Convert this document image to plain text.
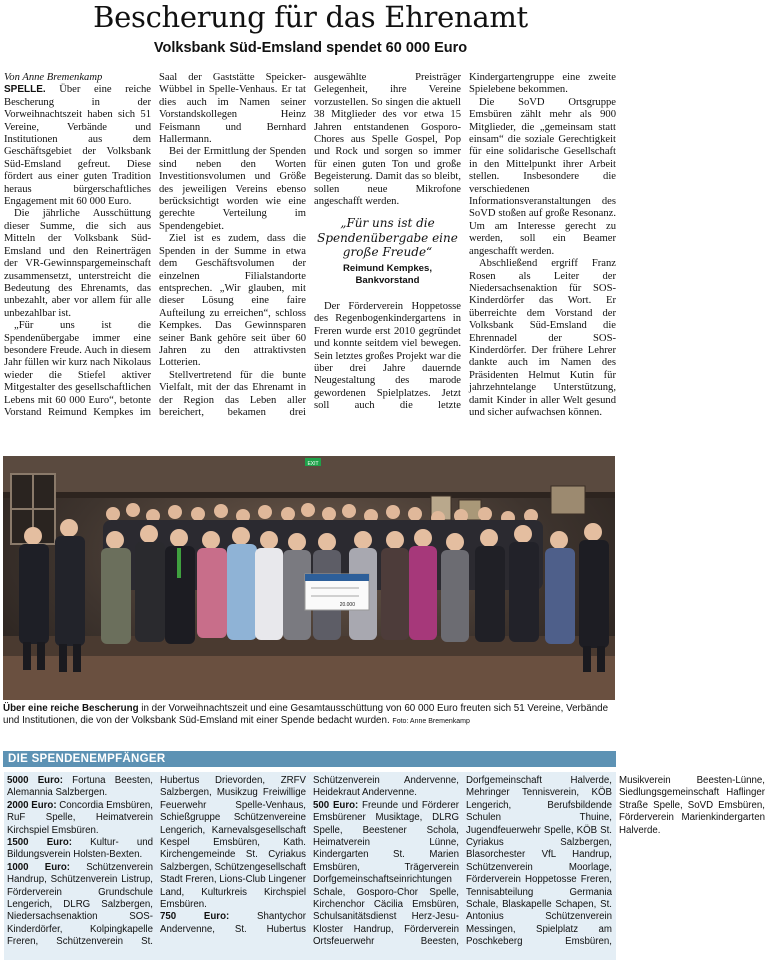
Bescherung für das Ehrenamt
Volksbank Süd-Emsland spendet 60 000 Euro

Von Anne Bremenkamp

SPELLE. Über eine reiche Bescherung in der Vorweihnachtszeit haben sich 51 Vereine, Verbände und Institutionen aus dem Geschäftsgebiet der Volksbank Süd-Emsland gefreut. Diese fördert aus einer guten Tradition heraus bürgerschaftliches Engagement mit 60 000 Euro.

Die jährliche Ausschüttung dieser Summe, die sich aus Mitteln der Volksbank Süd-Emsland und den Reinerträgen der VR-Gewinnspargemeinschaft zusammensetzt, unterstreicht die Bedeutung des Ehrenamts, das unbezahlt, aber vor allem für alle unbezahlbar ist.

„Für uns ist die Spendenübergabe immer eine besondere Freude. Auch in diesem Jahr füllen wir kurz nach Nikolaus wieder die Stiefel aktiver Mitgestalter des gesellschaftlichen Lebens mit 60 000 Euro“, betonte Vorstand Reimund Kempkes im Saal der Gaststätte Speicker-Wübbel in Spelle-Venhaus. Er tat dies auch im Namen seiner Vorstandskollegen Heinz Feismann und Bernhard Hallermann.

Bei der Ermittlung der Spenden sind neben den Worten Investitionsvolumen und Größe des jeweiligen Vereins ebenso berücksichtigt worden wie eine gerechte Verteilung im Spendengebiet.

Ziel ist es zudem, dass die Spenden in der Summe in etwa dem Geschäftsvolumen der einzelnen Filialstandorte entsprechen. „Wir glauben, mit dieser Lösung eine faire Aufteilung zu erreichen“, schloss Kempkes. Das Gewinnsparen seiner Bank gehöre seit über 60 Jahren zu den attraktivsten Lotterien.

Stellvertretend für die bunte Vielfalt, mit der das Ehrenamt in der Region das Leben aller bereichert, bekamen drei ausgewählte Preisträger Gelegenheit, ihre Vereine vorzustellen. So singen die aktuell 38 Mitglieder des vor etwa 15 Jahren entstandenen Gosporo-Chores aus Spelle Gospel, Pop und Rock und sorgen so immer für einen guten Ton und große Begeisterung. Damit das so bleibt, sollen neue Mikrofone angeschafft werden.

„Für uns ist die Spendenübergabe eine große Freude“
Reimund Kempkes,
Bankvorstand

Der Förderverein Hoppetosse des Regenbogenkindergartens in Freren wurde erst 2010 gegründet und konnte seitdem viel bewegen. Sein letztes großes Projekt war die über drei Jahre dauernde Neugestaltung des marode gewordenen Spielplatzes. Jetzt soll auch die letzte Kindergartengruppe eine zweite Spielebene bekommen.

Die SoVD Ortsgruppe Emsbüren zählt mehr als 900 Mitglieder, die „gemeinsam statt einsam“ die soziale Gerechtigkeit für eine solidarische Gesellschaft in den Mittelpunkt ihrer Arbeit stellen. Insbesondere die verschiedenen Informationsveranstaltungen des SoVD stoßen auf große Resonanz. Um am Interesse gerecht zu werden, soll ein Beamer angeschafft werden.

Abschließend ergriff Franz Rosen als Leiter der Niedersachsenaktion für SOS-Kinderdörfer das Wort. Er überreichte dem Vorstand der Volksbank Süd-Emsland die Ehrennadel der SOS-Kinderdörfer. Der frühere Lehrer dankte auch im Namen des Präsidenten Helmut Kutin für jahrzehntelange Unterstützung, damit Kinder in aller Welt gesund und sicher aufwachsen können.

EXIT
20.000
Über eine reiche Bescherung in der Vorweihnachtszeit und eine Gesamtausschüttung von 60 000 Euro freuten sich 51 Vereine, Verbände und Institutionen, die von der Volksbank Süd-Emsland mit einer Spende bedacht wurden. Foto: Anne Bremenkamp
DIE SPENDENEMPFÄNGER

5000 Euro: Fortuna Beesten, Alemannia Salzbergen.

2000 Euro: Concordia Emsbüren, RuF Spelle, Heimatverein Kirchspiel Emsbüren.

1500 Euro: Kultur- und Bildungsverein Holsten-Bexten.

1000 Euro: Schützenverein Handrup, Schützenverein Listrup, Förderverein Grundschule Lengerich, DLRG Salzbergen, Niedersachsenaktion SOS-Kinderdörfer, Kolpingkapelle Freren, Schützenverein St. Hubertus Drievorden, ZRFV Salzbergen, Musikzug Freiwillige Feuerwehr Spelle-Venhaus, Schießgruppe Schützenvereine Lengerich, Karnevalsgesellschaft Kespel Emsbüren, Kath. Kirchengemeinde St. Cyriakus Salzbergen, Schützengesellschaft Stadt Freren, Lions-Club Lingener Land, Kulturkreis Kirchspiel Emsbüren.

750 Euro: Shantychor Andervenne, St. Hubertus Schützenverein Andervenne, Heidekraut Andervenne.

500 Euro: Freunde und Förderer Emsbürener Musiktage, DLRG Spelle, Beestener Schola, Heimatverein Lünne, Kindergarten St. Marien Emsbüren, Trägerverein Dorfgemeinschaftseinrichtungen Schale, Gosporo-Chor Spelle, Kirchenchor Cäcilia Emsbüren, Schulsanitätsdienst Herz-Jesu-Kloster Handrup, Förderverein Ortsfeuerwehr Beesten, Dorfgemeinschaft Halverde, Mehringer Tennisverein, KÖB Lengerich, Berufsbildende Schulen Thuine, Jugendfeuerwehr Spelle, KÖB St. Cyriakus Salzbergen, Blasorchester VfL Handrup, Schützenverein Moorlage, Förderverein Hoppetosse Freren, Tennisabteilung Germania Schale, Blaskapelle Schapen, St. Antonius Schützenverein Messingen, Spielplatz am Poschkeberg Emsbüren, Musikverein Beesten-Lünne, Siedlungsgemeinschaft Haflinger Straße Spelle, SoVD Emsbüren, Förderverein Marienkindergarten Halverde.
